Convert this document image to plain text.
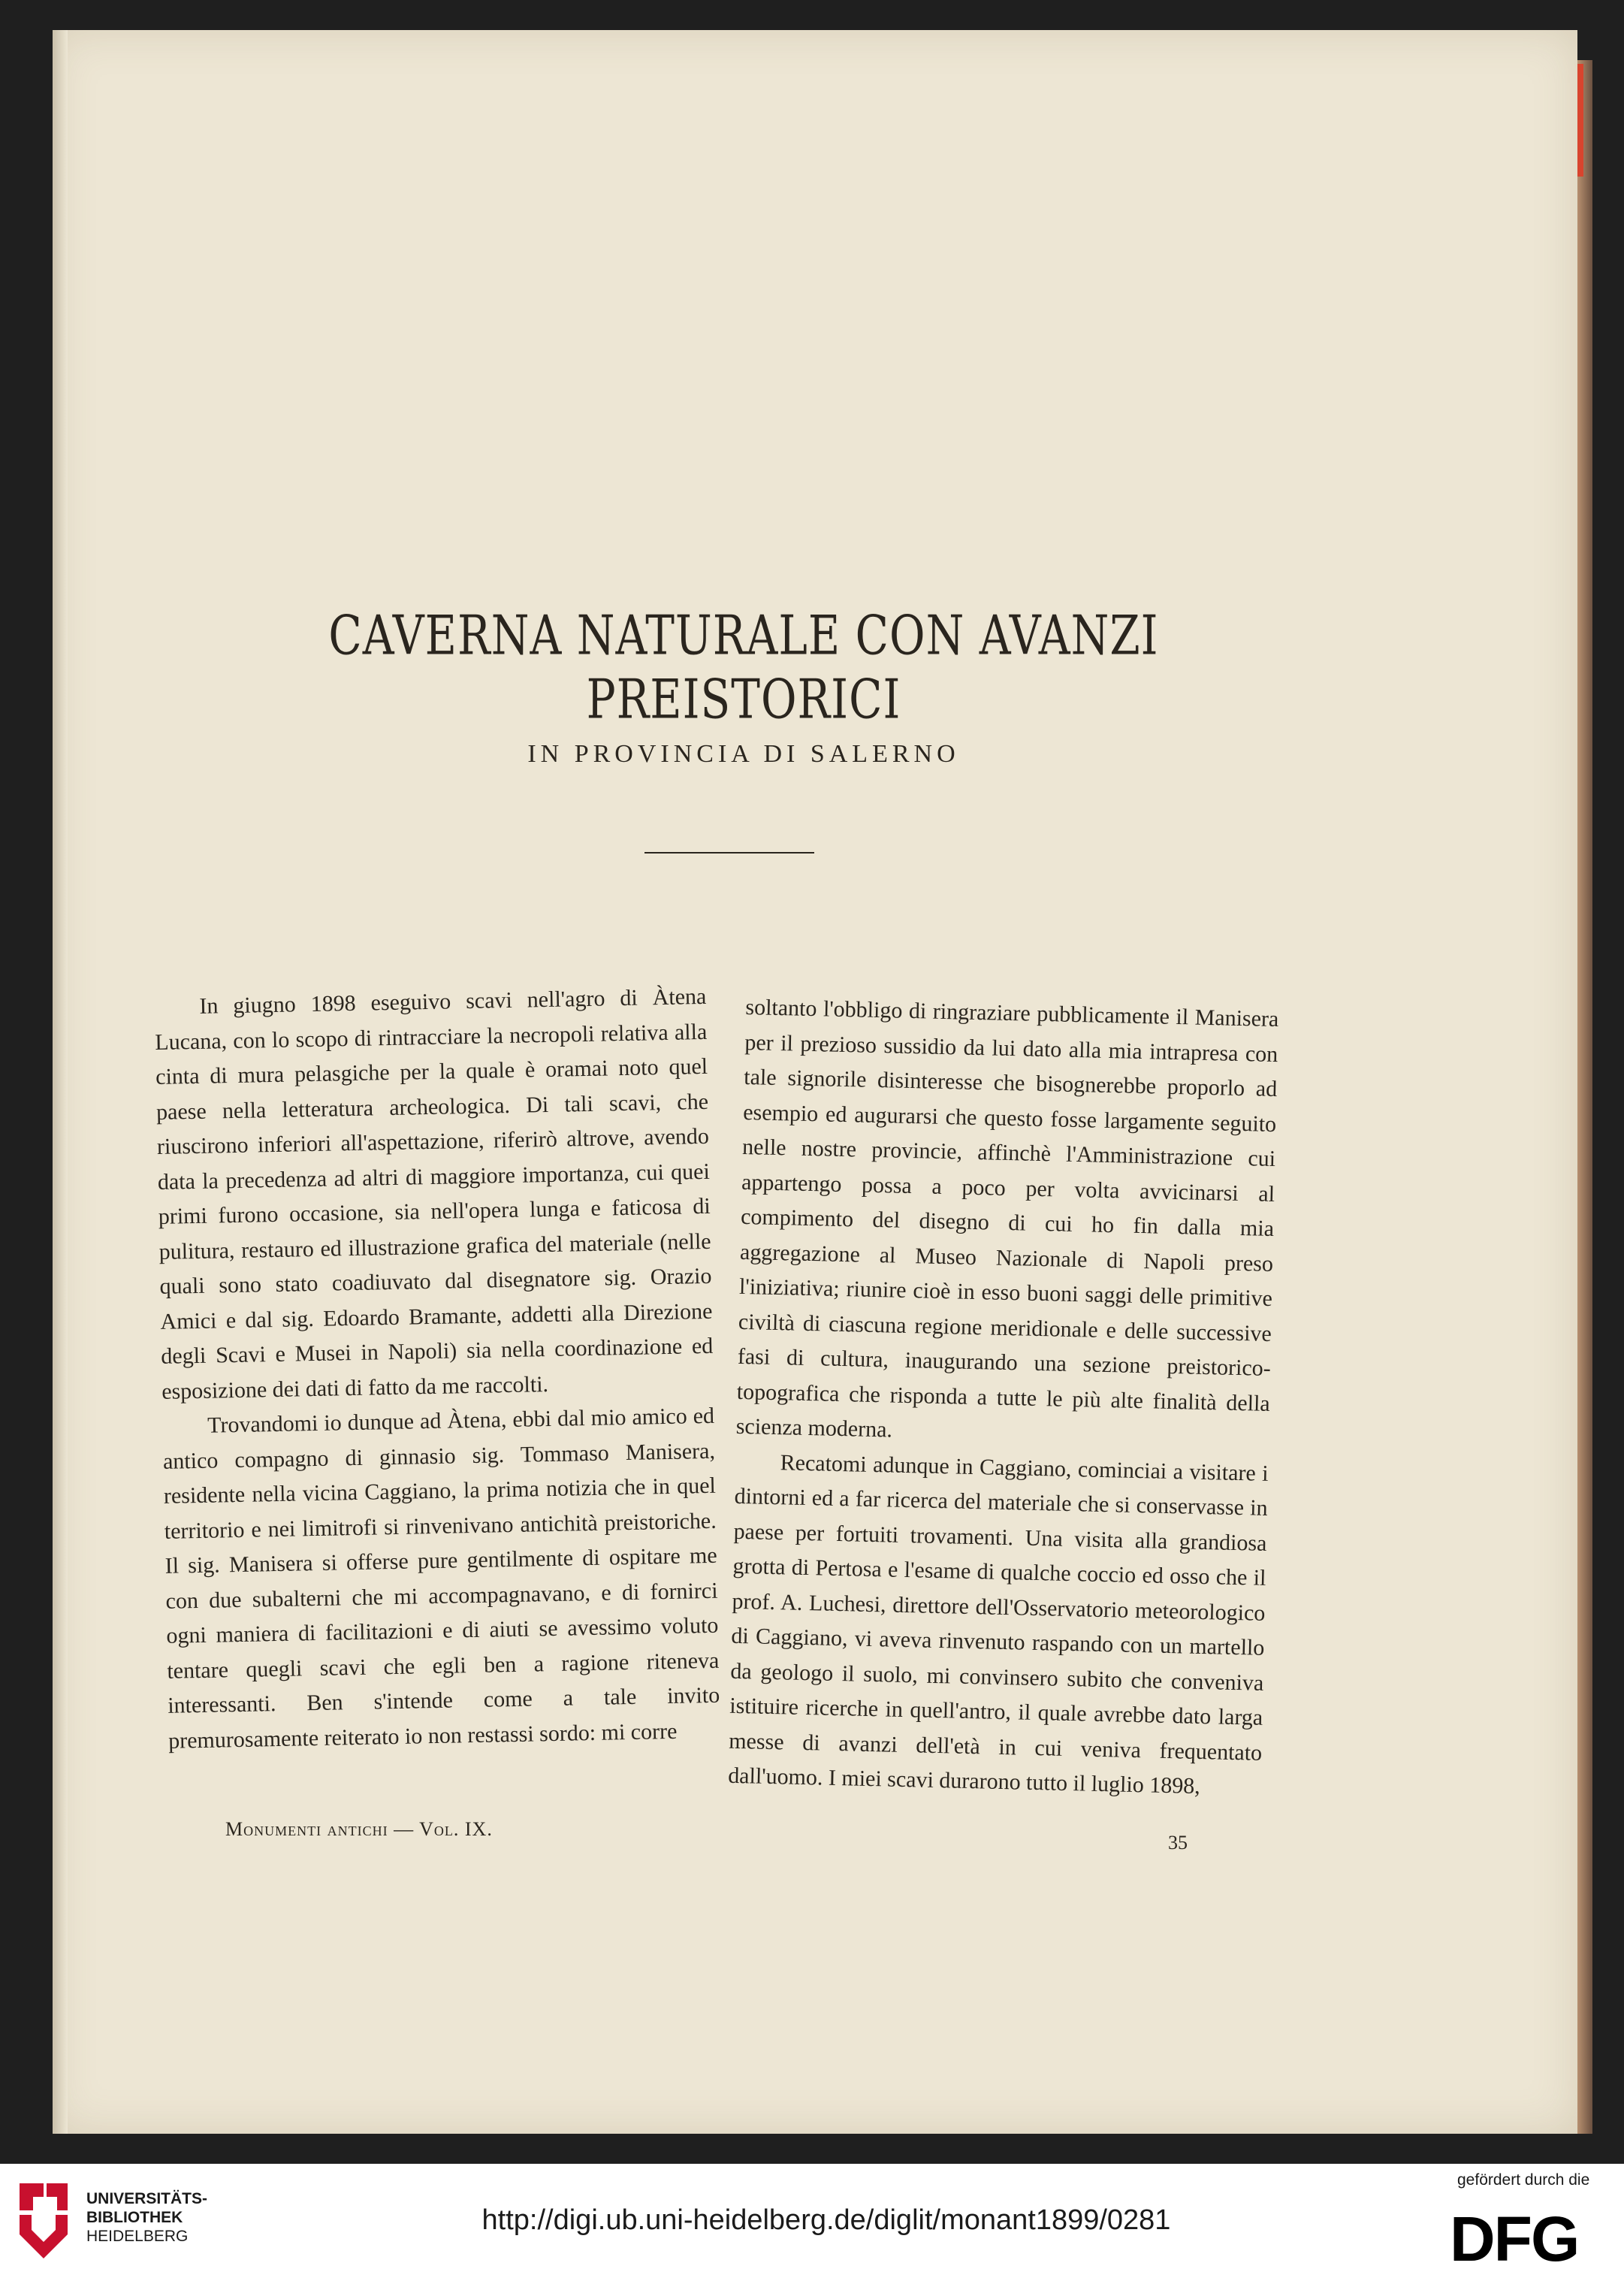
CAVERNA NATURALE CON AVANZI PREISTORICI
IN PROVINCIA DI SALERNO

In giugno 1898 eseguivo scavi nell'agro di Àtena Lucana, con lo scopo di rintracciare la necropoli relativa alla cinta di mura pelasgiche per la quale è oramai noto quel paese nella letteratura archeologica. Di tali scavi, che riuscirono inferiori all'aspettazione, riferirò altrove, avendo data la precedenza ad altri di maggiore importanza, cui quei primi furono occasione, sia nell'opera lunga e faticosa di pulitura, restauro ed illustrazione grafica del materiale (nelle quali sono stato coadiuvato dal disegnatore sig. Orazio Amici e dal sig. Edoardo Bramante, addetti alla Direzione degli Scavi e Musei in Napoli) sia nella coordinazione ed esposizione dei dati di fatto da me raccolti.

Trovandomi io dunque ad Àtena, ebbi dal mio amico ed antico compagno di ginnasio sig. Tommaso Manisera, residente nella vicina Caggiano, la prima notizia che in quel territorio e nei limitrofi si rinvenivano antichità preistoriche. Il sig. Manisera si offerse pure gentilmente di ospitare me con due subalterni che mi accompagnavano, e di fornirci ogni maniera di facilitazioni e di aiuti se avessimo voluto tentare quegli scavi che egli ben a ragione riteneva interessanti. Ben s'intende come a tale invito premurosamente reiterato io non restassi sordo: mi corre

soltanto l'obbligo di ringraziare pubblicamente il Manisera per il prezioso sussidio da lui dato alla mia intrapresa con tale signorile disinteresse che bisognerebbe proporlo ad esempio ed augurarsi che questo fosse largamente seguito nelle nostre provincie, affinchè l'Amministrazione cui appartengo possa a poco per volta avvicinarsi al compimento del disegno di cui ho fin dalla mia aggregazione al Museo Nazionale di Napoli preso l'iniziativa; riunire cioè in esso buoni saggi delle primitive civiltà di ciascuna regione meridionale e delle successive fasi di cultura, inaugurando una sezione preistorico-topografica che risponda a tutte le più alte finalità della scienza moderna.

Recatomi adunque in Caggiano, cominciai a visitare i dintorni ed a far ricerca del materiale che si conservasse in paese per fortuiti trovamenti. Una visita alla grandiosa grotta di Pertosa e l'esame di qualche coccio ed osso che il prof. A. Luchesi, direttore dell'Osservatorio meteorologico di Caggiano, vi aveva rinvenuto raspando con un martello da geologo il suolo, mi convinsero subito che conveniva istituire ricerche in quell'antro, il quale avrebbe dato larga messe di avanzi dell'età in cui veniva frequentato dall'uomo. I miei scavi durarono tutto il luglio 1898,

Monumenti antichi — Vol. IX.
35
UNIVERSITÄTS-
BIBLIOTHEK
HEIDELBERG
http://digi.ub.uni-heidelberg.de/diglit/monant1899/0281
gefördert durch die
DFG
